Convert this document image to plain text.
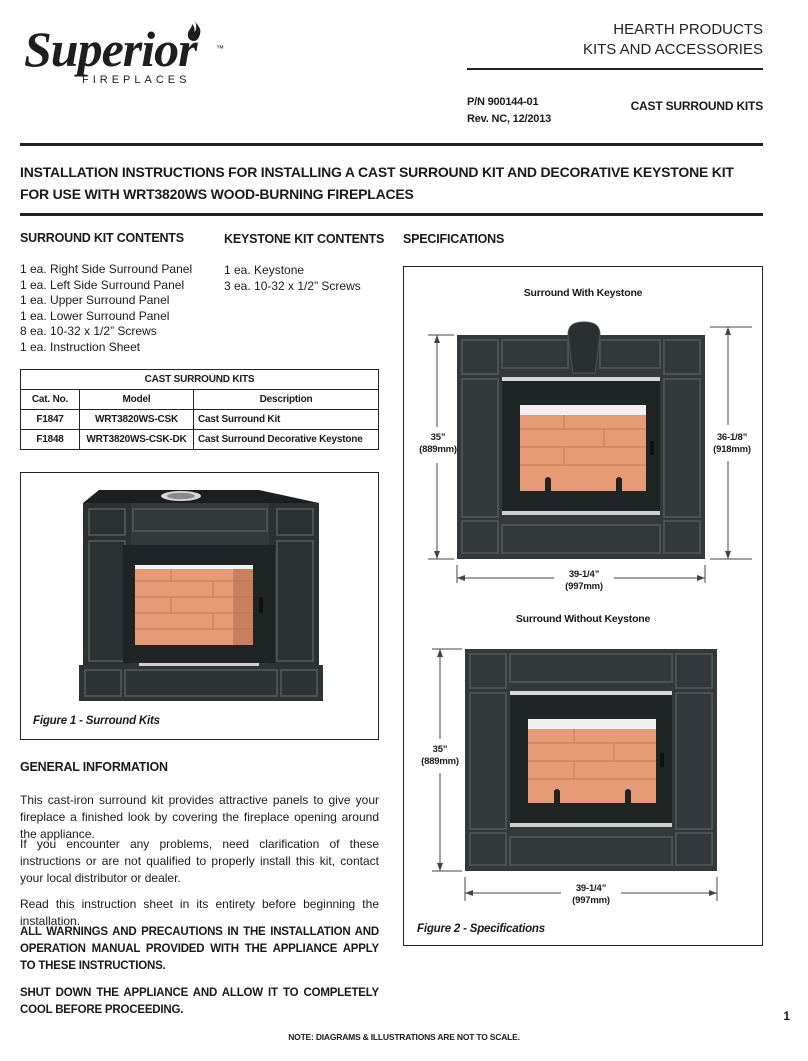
Superior ™
FIREPLACES
HEARTH PRODUCTS
KITS AND ACCESSORIES
P/N 900144-01
Rev. NC, 12/2013
CAST SURROUND KITS
INSTALLATION INSTRUCTIONS FOR INSTALLING A CAST SURROUND KIT AND DECORATIVE KEYSTONE KIT
FOR USE WITH WRT3820WS WOOD-BURNING FIREPLACES
SURROUND KIT CONTENTS
1 ea. Right Side Surround Panel
1 ea. Left Side Surround Panel
1 ea. Upper Surround Panel
1 ea. Lower Surround Panel
8 ea. 10-32 x 1/2” Screws
1 ea. Instruction Sheet
KEYSTONE KIT CONTENTS
1 ea. Keystone
3 ea. 10-32 x 1/2” Screws
CAST SURROUND KITS		
Cat. No.	Model	Description
F1847	WRT3820WS-CSK	Cast Surround Kit
F1848	WRT3820WS-CSK-DK	Cast Surround Decorative Keystone
Figure 1 - Surround Kits
GENERAL INFORMATION
This cast-iron surround kit provides attractive panels to give your fireplace a finished look by covering the fireplace opening around the appliance.
If you encounter any problems, need clarification of these instructions or are not qualified to properly install this kit, contact your local distributor or dealer.
Read this instruction sheet in its entirety before beginning the installation.
ALL WARNINGS AND PRECAUTIONS IN THE INSTALLATION AND OPERATION MANUAL PROVIDED WITH THE APPLIANCE APPLY TO THESE INSTRUCTIONS.
SHUT DOWN THE APPLIANCE AND ALLOW IT TO COMPLETELY COOL BEFORE PROCEEDING.
SPECIFICATIONS
Surround With Keystone
35”
(889mm)
36-1/8”
(918mm)
39-1/4”
(997mm)
Surround Without Keystone
35”
(889mm)
39-1/4”
(997mm)
Figure 2 - Specifications
NOTE: DIAGRAMS & ILLUSTRATIONS ARE NOT TO SCALE.
1
